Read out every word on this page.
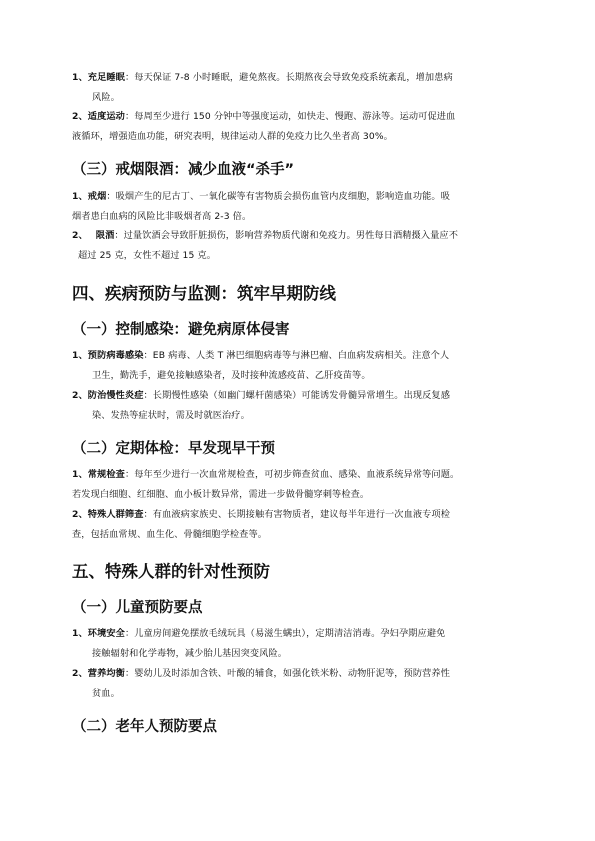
1、充足睡眠：每天保证 7-8 小时睡眠，避免熬夜。长期熬夜会导致免疫系统紊乱，增加患病
风险。
2、适度运动：每周至少进行 150 分钟中等强度运动，如快走、慢跑、游泳等。运动可促进血
液循环，增强造血功能，研究表明，规律运动人群的免疫力比久坐者高 30%。
（三）戒烟限酒：减少血液“杀手”
1、戒烟：吸烟产生的尼古丁、一氧化碳等有害物质会损伤血管内皮细胞，影响造血功能。吸
烟者患白血病的风险比非吸烟者高 2-3 倍。
2、 限酒：过量饮酒会导致肝脏损伤，影响营养物质代谢和免疫力。男性每日酒精摄入量应不
超过 25 克，女性不超过 15 克。
四、疾病预防与监测：筑牢早期防线
（一）控制感染：避免病原体侵害
1、预防病毒感染：EB 病毒、人类 T 淋巴细胞病毒等与淋巴瘤、白血病发病相关。注意个人
卫生，勤洗手，避免接触感染者，及时接种流感疫苗、乙肝疫苗等。
2、防治慢性炎症：长期慢性感染（如幽门螺杆菌感染）可能诱发骨髓异常增生。出现反复感
染、发热等症状时，需及时就医治疗。
（二）定期体检：早发现早干预
1、常规检查：每年至少进行一次血常规检查，可初步筛查贫血、感染、血液系统异常等问题。
若发现白细胞、红细胞、血小板计数异常，需进一步做骨髓穿刺等检查。
2、特殊人群筛查：有血液病家族史、长期接触有害物质者，建议每半年进行一次血液专项检
查，包括血常规、血生化、骨髓细胞学检查等。
五、特殊人群的针对性预防
（一）儿童预防要点
1、环境安全：儿童房间避免摆放毛绒玩具（易滋生螨虫），定期清洁消毒。孕妇孕期应避免
接触辐射和化学毒物，减少胎儿基因突变风险。
2、营养均衡：婴幼儿及时添加含铁、叶酸的辅食，如强化铁米粉、动物肝泥等，预防营养性
贫血。
（二）老年人预防要点
